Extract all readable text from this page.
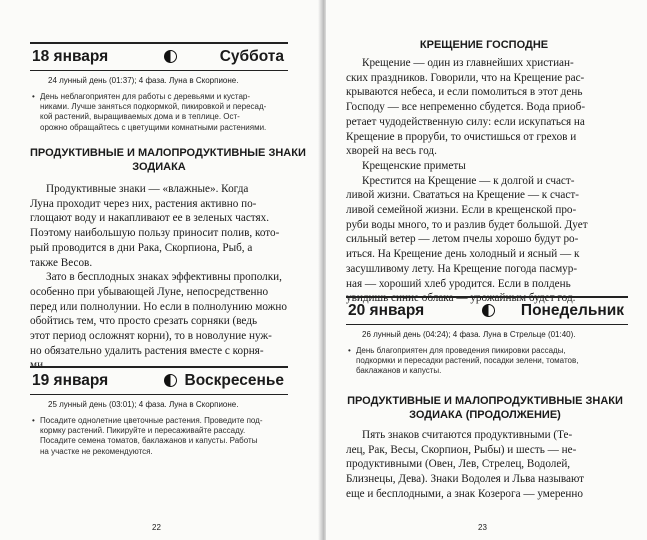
18 января	Суббота
24 лунный день (01:37); 4 фаза. Луна в Скорпионе.
• День неблагоприятен для работы с деревьями и кустар-
никами. Лучше заняться подкормкой, пикировкой и пересад-
кой растений, выращиваемых дома и в теплице. Ост-
орожно обращайтесь с цветущими комнатными растениями.
ПРОДУКТИВНЫЕ И МАЛОПРОДУКТИВНЫЕ ЗНАКИ
ЗОДИАКА
Продуктивные знаки — «влажные». Когда
Луна проходит через них, растения активно по-
глощают воду и накапливают ее в зеленых частях.
Поэтому наибольшую пользу приносит полив, кото-
рый проводится в дни Рака, Скорпиона, Рыб, а
также Весов.
Зато в бесплодных знаках эффективны прополки,
особенно при убывающей Луне, непосредственно
перед или полнолунии. Но если в полнолунию можно
обойтись тем, что просто срезать сорняки (ведь
этот период осложнят корни), то в новолуние нуж-
но обязательно удалить растения вместе с корня-
ми.
19 января	Воскресенье
25 лунный день (03:01); 4 фаза. Луна в Скорпионе.
• Посадите однолетние цветочные растения. Проведите под-
кормку растений. Пикируйте и пересаживайте рассаду.
Посадите семена томатов, баклажанов и капусты. Работы
на участке не рекомендуются.
22
КРЕЩЕНИЕ ГОСПОДНЕ
Крещение — один из главнейших христиан-
ских праздников. Говорили, что на Крещение рас-
крываются небеса, и если помолиться в этот день
Господу — все непременно сбудется. Вода приоб-
ретает чудодейственную силу: если искупаться на
Крещение в проруби, то очистишься от грехов и
хворей на весь год.
Крещенские приметы
Крестится на Крещение — к долгой и счаст-
ливой жизни. Свататься на Крещение — к счаст-
ливой семейной жизни. Если в крещенской про-
руби воды много, то и разлив будет большой. Дует
сильный ветер — летом пчелы хорошо будут ро-
иться. На Крещение день холодный и ясный — к
засушливому лету. На Крещение погода пасмур-
ная — хороший хлеб уродится. Если в полдень
увидишь синие облака — урожайным будет год.
20 января	Понедельник
26 лунный день (04:24); 4 фаза. Луна в Стрельце (01:40).
• День благоприятен для проведения пикировки рассады,
подкормки и пересадки растений, посадки зелени, томатов,
баклажанов и капусты.
ПРОДУКТИВНЫЕ И МАЛОПРОДУКТИВНЫЕ ЗНАКИ
ЗОДИАКА (ПРОДОЛЖЕНИЕ)
Пять знаков считаются продуктивными (Те-
лец, Рак, Весы, Скорпион, Рыбы) и шесть — не-
продуктивными (Овен, Лев, Стрелец, Водолей,
Близнецы, Дева). Знаки Водолея и Льва называют
еще и бесплодными, а знак Козерога — умеренно
23
